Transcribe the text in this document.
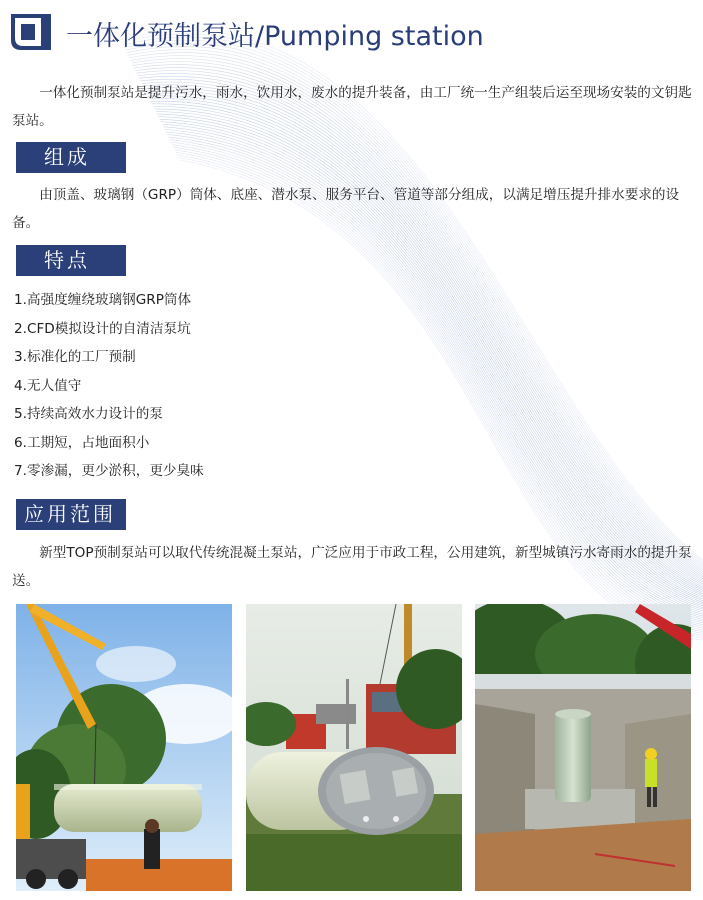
一体化预制泵站/Pumping station

一体化预制泵站是提升污水，雨水，饮用水，废水的提升装备，由工厂统一生产组装后运至现场安装的文钥匙泵站。

组成

由顶盖、玻璃钢（GRP）筒体、底座、潜水泵、服务平台、管道等部分组成，以满足增压提升排水要求的设备。

特点
1.高强度缠绕玻璃钢GRP筒体
2.CFD模拟设计的自清洁泵坑
3.标准化的工厂预制
4.无人值守
5.持续高效水力设计的泵
6.工期短，占地面积小
7.零渗漏，更少淤积，更少臭味
应用范围

新型TOP预制泵站可以取代传统混凝土泵站，广泛应用于市政工程，公用建筑，新型城镇污水寄雨水的提升泵送。
